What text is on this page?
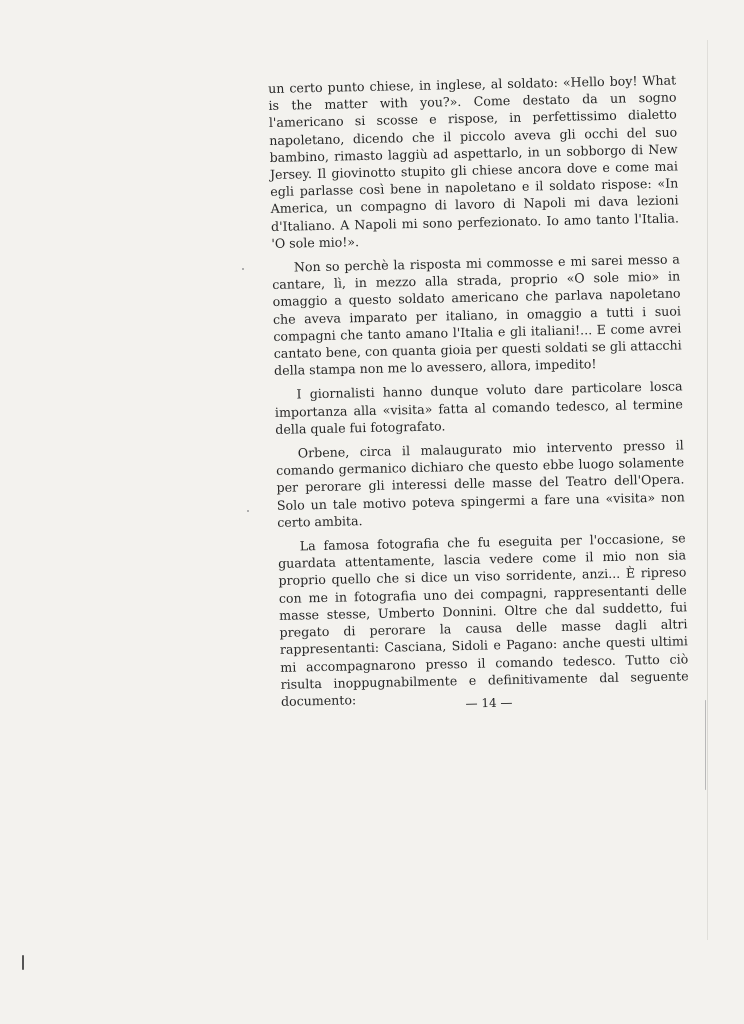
un certo punto chiese, in inglese, al soldato: «Hello boy! What is the matter with you?». Come destato da un sogno l'americano si scosse e rispose, in perfettissimo dialetto napoletano, dicendo che il piccolo aveva gli occhi del suo bambino, rimasto laggiù ad aspettarlo, in un sobborgo di New Jersey. Il giovinotto stupito gli chiese ancora dove e come mai egli parlasse così bene in napoletano e il soldato rispose: «In America, un compagno di lavoro di Napoli mi dava lezioni d'Italiano. A Napoli mi sono perfezionato. Io amo tanto l'Italia. 'O sole mio!».

Non so perchè la risposta mi commosse e mi sarei messo a cantare, lì, in mezzo alla strada, proprio «O sole mio» in omaggio a questo soldato americano che parlava napoletano che aveva imparato per italiano, in omaggio a tutti i suoi compagni che tanto amano l'Italia e gli italiani!... E come avrei cantato bene, con quanta gioia per questi soldati se gli attacchi della stampa non me lo avessero, allora, impedito!

I giornalisti hanno dunque voluto dare particolare losca importanza alla «visita» fatta al comando tedesco, al termine della quale fui fotografato.

Orbene, circa il malaugurato mio intervento presso il comando germanico dichiaro che questo ebbe luogo solamente per perorare gli interessi delle masse del Teatro dell'Opera. Solo un tale motivo poteva spingermi a fare una «visita» non certo ambita.

La famosa fotografia che fu eseguita per l'occasione, se guardata attentamente, lascia vedere come il mio non sia proprio quello che si dice un viso sorridente, anzi... È ripreso con me in fotografia uno dei compagni, rappresentanti delle masse stesse, Umberto Donnini. Oltre che dal suddetto, fui pregato di perorare la causa delle masse dagli altri rappresentanti: Casciana, Sidoli e Pagano: anche questi ultimi mi accompagnarono presso il comando tedesco. Tutto ciò risulta inoppugnabilmente e definitivamente dal seguente documento:	— 14 —
